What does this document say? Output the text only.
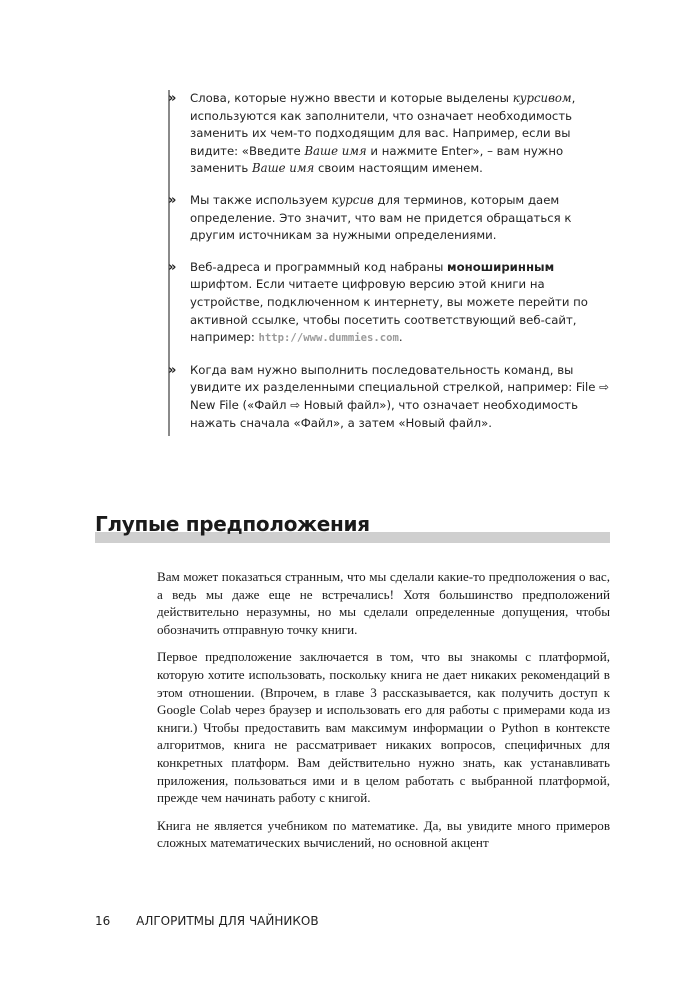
» Слова, которые нужно ввести и которые выделены курсивом, используются как заполнители, что означает необходимость заменить их чем-то подходящим для вас. Например, если вы видите: «Введите Ваше имя и нажмите Enter», – вам нужно заменить Ваше имя своим настоящим именем.
» Мы также используем курсив для терминов, которым даем определение. Это значит, что вам не придется обращаться к другим источникам за нужными определениями.
» Веб-адреса и программный код набраны моноширинным шрифтом. Если читаете цифровую версию этой книги на устройстве, подключенном к интернету, вы можете перейти по активной ссылке, чтобы посетить соответствующий веб-сайт, например: http://www.dummies.com.
» Когда вам нужно выполнить последовательность команд, вы увидите их разделенными специальной стрелкой, например: File ⇨ New File («Файл ⇨ Новый файл»), что означает необходимость нажать сначала «Файл», а затем «Новый файл».
Глупые предположения

Вам может показаться странным, что мы сделали какие-то предположения о вас, а ведь мы даже еще не встречались! Хотя большинство предположений действительно неразумны, но мы сделали определенные допущения, чтобы обозначить отправную точку книги.

Первое предположение заключается в том, что вы знакомы с платформой, которую хотите использовать, поскольку книга не дает никаких рекомендаций в этом отношении. (Впрочем, в главе 3 рассказывается, как получить доступ к Google Colab через браузер и использовать его для работы с примерами кода из книги.) Чтобы предоставить вам максимум информации о Python в контексте алгоритмов, книга не рассматривает никаких вопросов, специфичных для конкретных платформ. Вам действительно нужно знать, как устанавливать приложения, пользоваться ими и в целом работать с выбранной платформой, прежде чем начинать работу с книгой.

Книга не является учебником по математике. Да, вы увидите много примеров сложных математических вычислений, но основной акцент

16 АЛГОРИТМЫ ДЛЯ ЧАЙНИКОВ
